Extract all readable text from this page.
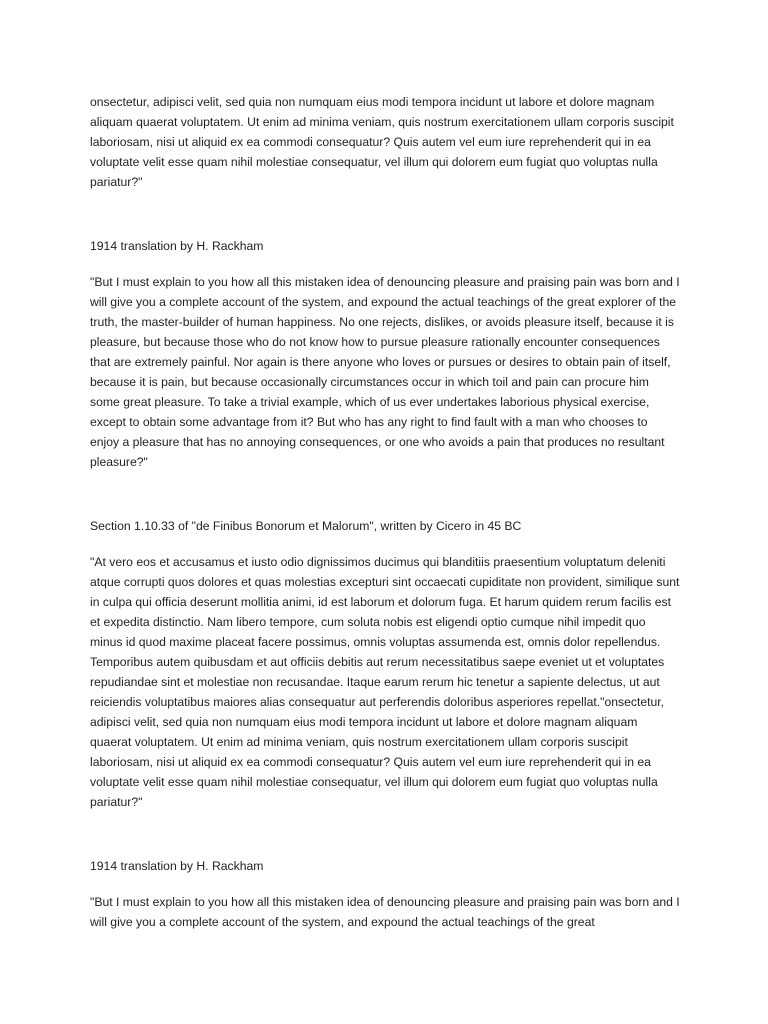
onsectetur, adipisci velit, sed quia non numquam eius modi tempora incidunt ut labore et dolore magnam aliquam quaerat voluptatem. Ut enim ad minima veniam, quis nostrum exercitationem ullam corporis suscipit laboriosam, nisi ut aliquid ex ea commodi consequatur? Quis autem vel eum iure reprehenderit qui in ea voluptate velit esse quam nihil molestiae consequatur, vel illum qui dolorem eum fugiat quo voluptas nulla pariatur?"

1914 translation by H. Rackham

"But I must explain to you how all this mistaken idea of denouncing pleasure and praising pain was born and I will give you a complete account of the system, and expound the actual teachings of the great explorer of the truth, the master-builder of human happiness. No one rejects, dislikes, or avoids pleasure itself, because it is pleasure, but because those who do not know how to pursue pleasure rationally encounter consequences that are extremely painful. Nor again is there anyone who loves or pursues or desires to obtain pain of itself, because it is pain, but because occasionally circumstances occur in which toil and pain can procure him some great pleasure. To take a trivial example, which of us ever undertakes laborious physical exercise, except to obtain some advantage from it? But who has any right to find fault with a man who chooses to enjoy a pleasure that has no annoying consequences, or one who avoids a pain that produces no resultant pleasure?"

Section 1.10.33 of "de Finibus Bonorum et Malorum", written by Cicero in 45 BC

"At vero eos et accusamus et iusto odio dignissimos ducimus qui blanditiis praesentium voluptatum deleniti atque corrupti quos dolores et quas molestias excepturi sint occaecati cupiditate non provident, similique sunt in culpa qui officia deserunt mollitia animi, id est laborum et dolorum fuga. Et harum quidem rerum facilis est et expedita distinctio. Nam libero tempore, cum soluta nobis est eligendi optio cumque nihil impedit quo minus id quod maxime placeat facere possimus, omnis voluptas assumenda est, omnis dolor repellendus. Temporibus autem quibusdam et aut officiis debitis aut rerum necessitatibus saepe eveniet ut et voluptates repudiandae sint et molestiae non recusandae. Itaque earum rerum hic tenetur a sapiente delectus, ut aut reiciendis voluptatibus maiores alias consequatur aut perferendis doloribus asperiores repellat."onsectetur, adipisci velit, sed quia non numquam eius modi tempora incidunt ut labore et dolore magnam aliquam quaerat voluptatem. Ut enim ad minima veniam, quis nostrum exercitationem ullam corporis suscipit laboriosam, nisi ut aliquid ex ea commodi consequatur? Quis autem vel eum iure reprehenderit qui in ea voluptate velit esse quam nihil molestiae consequatur, vel illum qui dolorem eum fugiat quo voluptas nulla pariatur?"

1914 translation by H. Rackham

"But I must explain to you how all this mistaken idea of denouncing pleasure and praising pain was born and I will give you a complete account of the system, and expound the actual teachings of the great
